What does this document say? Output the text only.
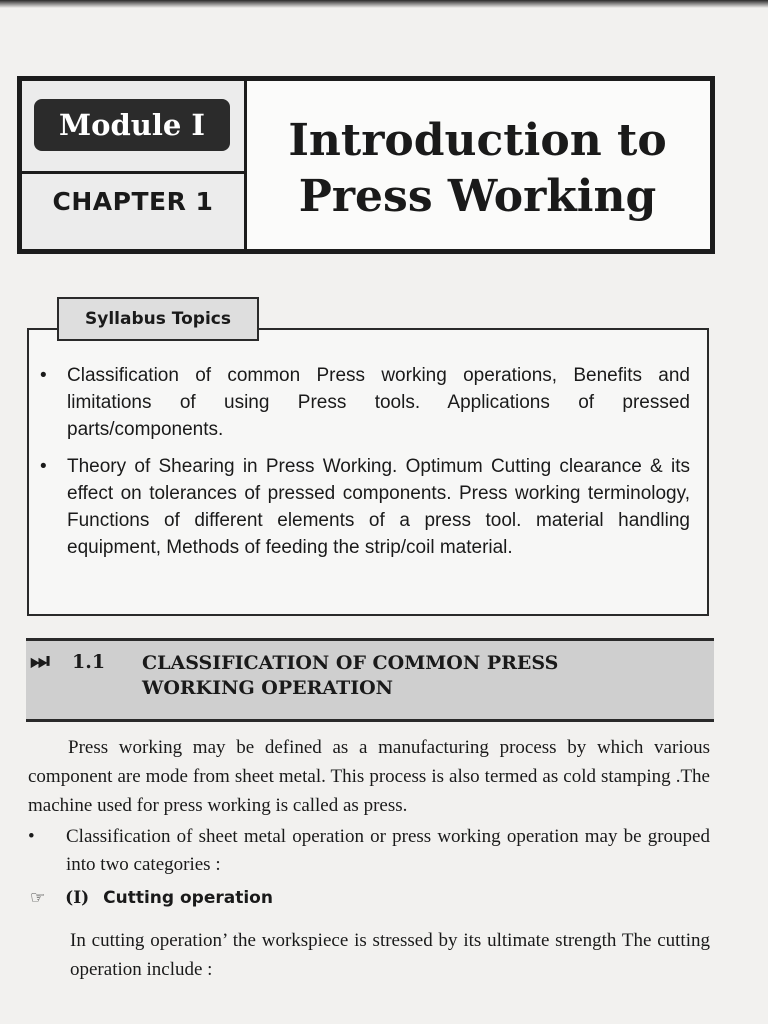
Module I
CHAPTER 1
Introduction to
Press Working
Syllabus Topics
• Classification of common Press working operations, Benefits and limitations of using Press tools. Applications of pressed parts/components.
• Theory of Shearing in Press Working. Optimum Cutting clearance & its effect on tolerances of pressed components. Press working terminology, Functions of different elements of a press tool. material handling equipment, Methods of feeding the strip/coil material.
⏭ 1.1 CLASSIFICATION OF COMMON PRESS
WORKING OPERATION

Press working may be defined as a manufacturing process by which various component are mode from sheet metal. This process is also termed as cold stamping .The machine used for press working is called as press.

•	Classification of sheet metal operation or press working operation may be grouped into two categories :
☞ (I) Cutting operation

In cutting operation’ the workspiece is stressed by its ultimate strength The cutting operation include :
